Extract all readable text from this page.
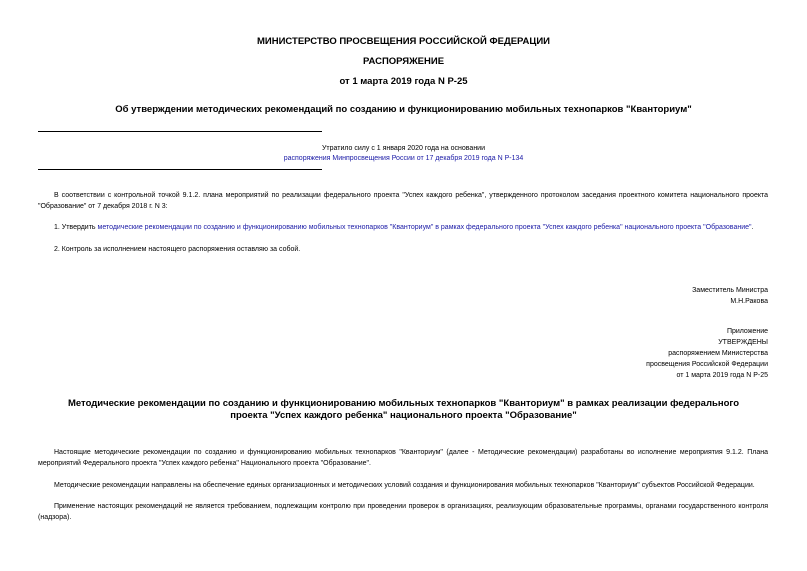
МИНИСТЕРСТВО ПРОСВЕЩЕНИЯ РОССИЙСКОЙ ФЕДЕРАЦИИ
РАСПОРЯЖЕНИЕ
от 1 марта 2019 года N Р-25
Об утверждении методических рекомендаций по созданию и функционированию мобильных технопарков "Кванториум"
Утратило силу с 1 января 2020 года на основании
распоряжения Минпросвещения России от 17 декабря 2019 года N Р-134
В соответствии с контрольной точкой 9.1.2. плана мероприятий по реализации федерального проекта "Успех каждого ребенка", утвержденного протоколом заседания проектного комитета национального проекта "Образование" от 7 декабря 2018 г. N 3:
1. Утвердить методические рекомендации по созданию и функционированию мобильных технопарков "Кванториум" в рамках федерального проекта "Успех каждого ребенка" национального проекта "Образование".
2. Контроль за исполнением настоящего распоряжения оставляю за собой.
Заместитель Министра
М.Н.Ракова
Приложение
УТВЕРЖДЕНЫ
распоряжением Министерства
просвещения Российской Федерации
от 1 марта 2019 года N Р-25
Методические рекомендации по созданию и функционированию мобильных технопарков "Кванториум" в рамках реализации федерального проекта "Успех каждого ребенка" национального проекта "Образование"
Настоящие методические рекомендации по созданию и функционированию мобильных технопарков "Кванториум" (далее - Методические рекомендации) разработаны во исполнение мероприятия 9.1.2. Плана мероприятий Федерального проекта "Успех каждого ребенка" Национального проекта "Образование".
Методические рекомендации направлены на обеспечение единых организационных и методических условий создания и функционирования мобильных технопарков "Кванториум" субъектов Российской Федерации.
Применение настоящих рекомендаций не является требованием, подлежащим контролю при проведении проверок в организациях, реализующим образовательные программы, органами государственного контроля (надзора).
